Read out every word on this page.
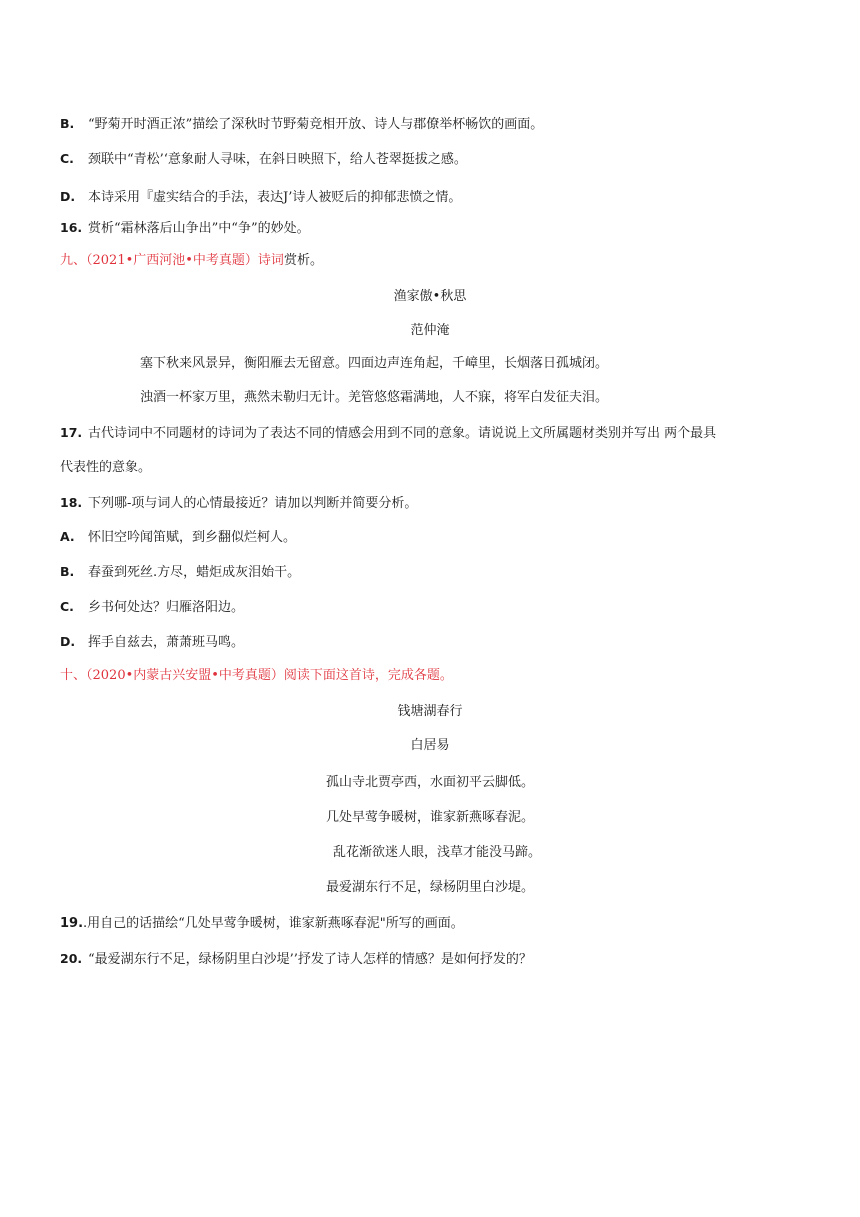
B. “野菊开时酒正浓”描绘了深秋时节野菊竞相开放、诗人与郡僚举杯畅饮的画面。
C. 颈联中“青松’‘意象耐人寻味，在斜日映照下，给人苍翠挺拔之感。
D. 本诗采用『虚实结合的手法，表达J’诗人被贬后的抑郁悲愤之情。
16. 赏析“霜林落后山争出”中“争”的妙处。
九、（2021•广西河池•中考真题）诗词赏析。
渔家傲•秋思
范仲淹
塞下秋来风景异，衡阳雁去无留意。四面边声连角起，千嶂里，长烟落日孤城闭。
浊酒一杯家万里，燕然未勒归无计。羌管悠悠霜满地，人不寐，将军白发征夫泪。
17. 古代诗词中不同题材的诗词为了表达不同的情感会用到不同的意象。请说说上文所属题材类别并写出 两个最具
代表性的意象。
18. 下列哪-项与词人的心情最接近？请加以判断并简要分析。
A. 怀旧空吟闻笛赋，到乡翻似烂柯人。
B. 春蚕到死丝.方尽，蜡炬成灰泪始干。
C. 乡书何处达？归雁洛阳边。
D. 挥手自兹去，萧萧班马鸣。
十、（2020•内蒙古兴安盟•中考真题）阅读下面这首诗，完成各题。
钱塘湖春行
白居易
孤山寺北贾亭西，水面初平云脚低。
几处早莺争暖树，谁家新燕啄春泥。
乱花渐欲迷人眼，浅草才能没马蹄。
最爱湖东行不足，绿杨阴里白沙堤。
19..用自己的话描绘“几处早莺争暖树，谁家新燕啄春泥"所写的画面。
20. “最爱湖东行不足，绿杨阴里白沙堤’’抒发了诗人怎样的情感？是如何抒发的？
